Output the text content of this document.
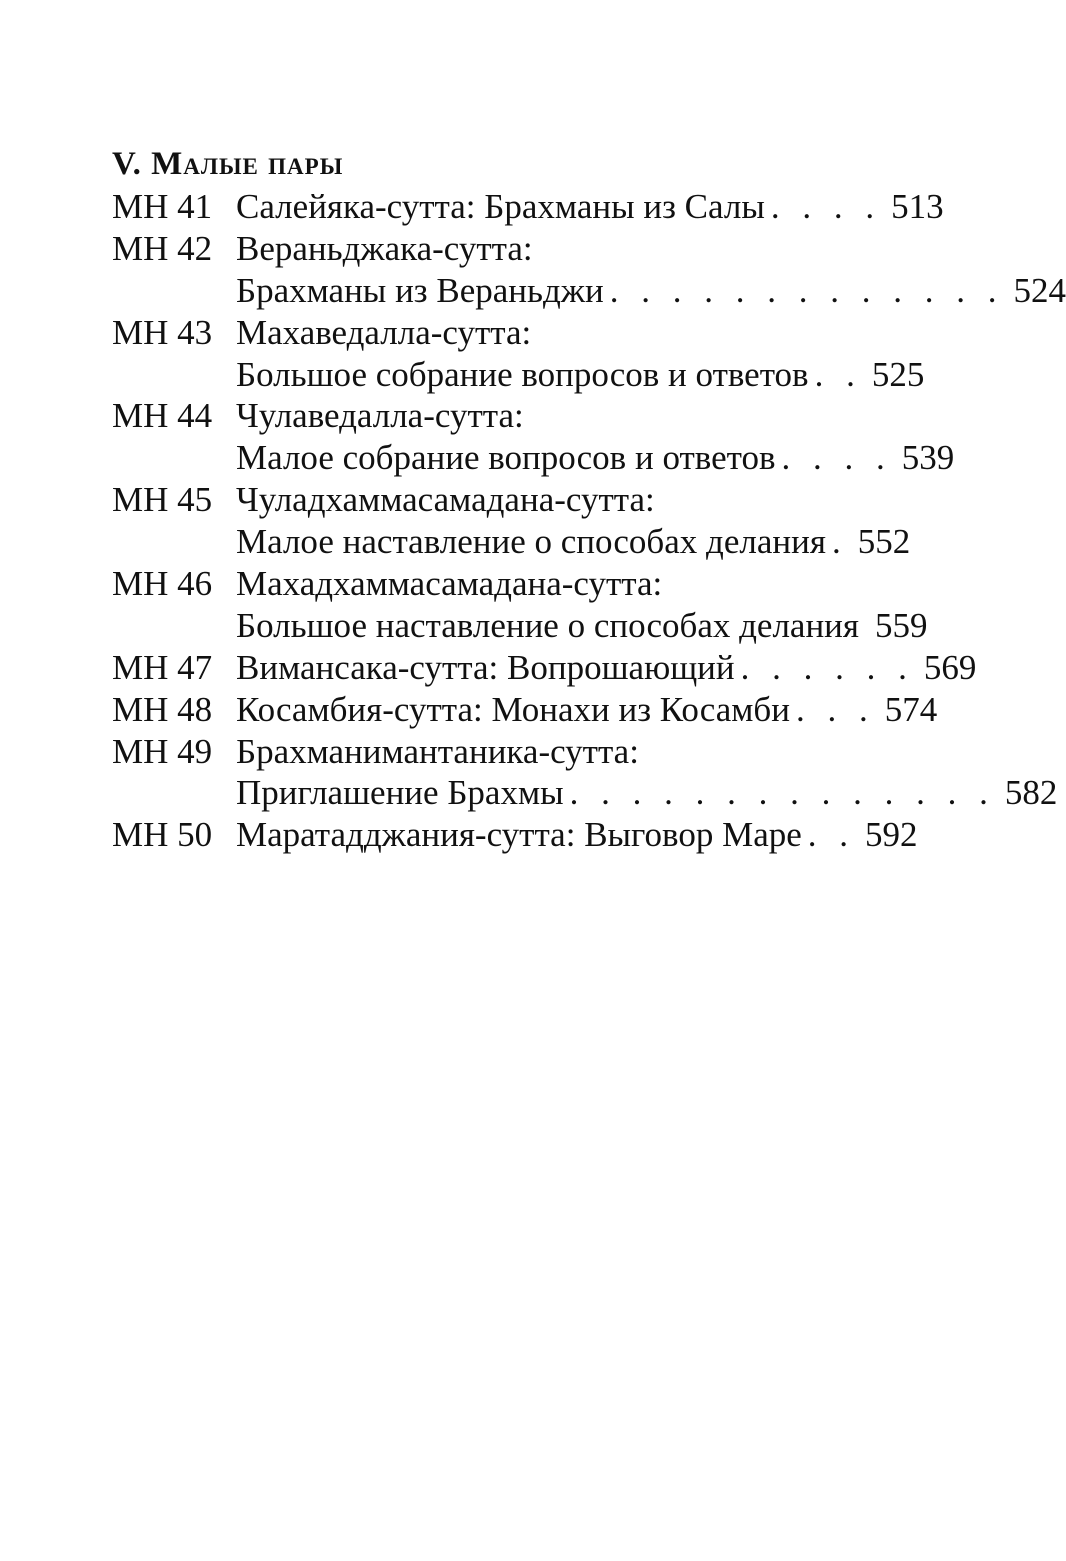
V. Малые пары
МН 41 Салейяка-сутта: Брахманы из Салы . . . . 513
МН 42 Вераньджака-сутта:
Брахманы из Вераньджи . . . . . . . . . . . . . 524
МН 43 Махаведалла-сутта:
Большое собрание вопросов и ответов . . 525
МН 44 Чулаведалла-сутта:
Малое собрание вопросов и ответов . . . . 539
МН 45 Чуладхаммасамадана-сутта:
Малое наставление о способах делания . 552
МН 46 Махадхаммасамадана-сутта:
Большое наставление о способах делания 559
МН 47 Вимансака-сутта: Вопрошающий . . . . . . 569
МН 48 Косамбия-сутта: Монахи из Косамби . . . 574
МН 49 Брахманимантаника-сутта:
Приглашение Брахмы . . . . . . . . . . . . . . 582
МН 50 Маратадджания-сутта: Выговор Маре . . 592
